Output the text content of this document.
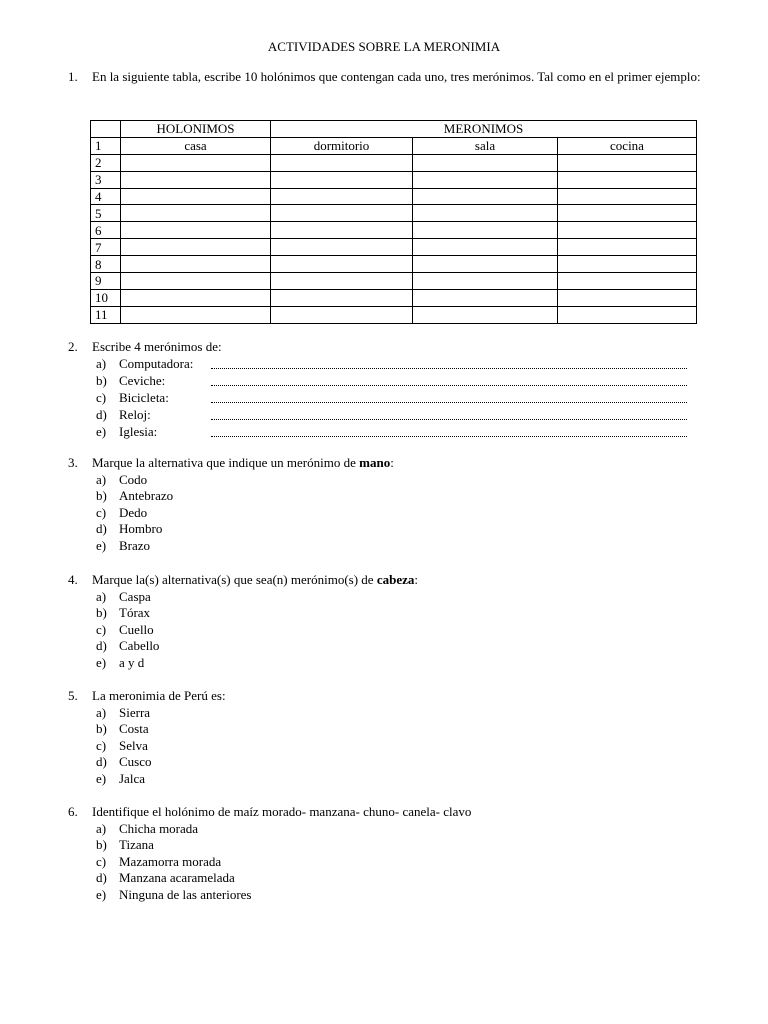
ACTIVIDADES SOBRE LA MERONIMIA
1. En la siguiente tabla, escribe 10 holónimos que contengan cada uno, tres merónimos. Tal como en el primer ejemplo:
	HOLONIMOS	MERONIMOS		
1	casa	dormitorio	sala	cocina
2				
3				
4				
5				
6				
7				
8				
9				
10				
11				
2. Escribe 4 merónimos de:
a) Computadora:
b) Ceviche:
c) Bicicleta:
d) Reloj:
e) Iglesia:
3. Marque la alternativa que indique un merónimo de mano:
a) Codo
b) Antebrazo
c) Dedo
d) Hombro
e) Brazo
4. Marque la(s) alternativa(s) que sea(n) merónimo(s) de cabeza:
a) Caspa
b) Tórax
c) Cuello
d) Cabello
e) a y d
5. La meronimia de Perú es:
a) Sierra
b) Costa
c) Selva
d) Cusco
e) Jalca
6. Identifique el holónimo de maíz morado- manzana- chuno- canela- clavo
a) Chicha morada
b) Tizana
c) Mazamorra morada
d) Manzana acaramelada
e) Ninguna de las anteriores
